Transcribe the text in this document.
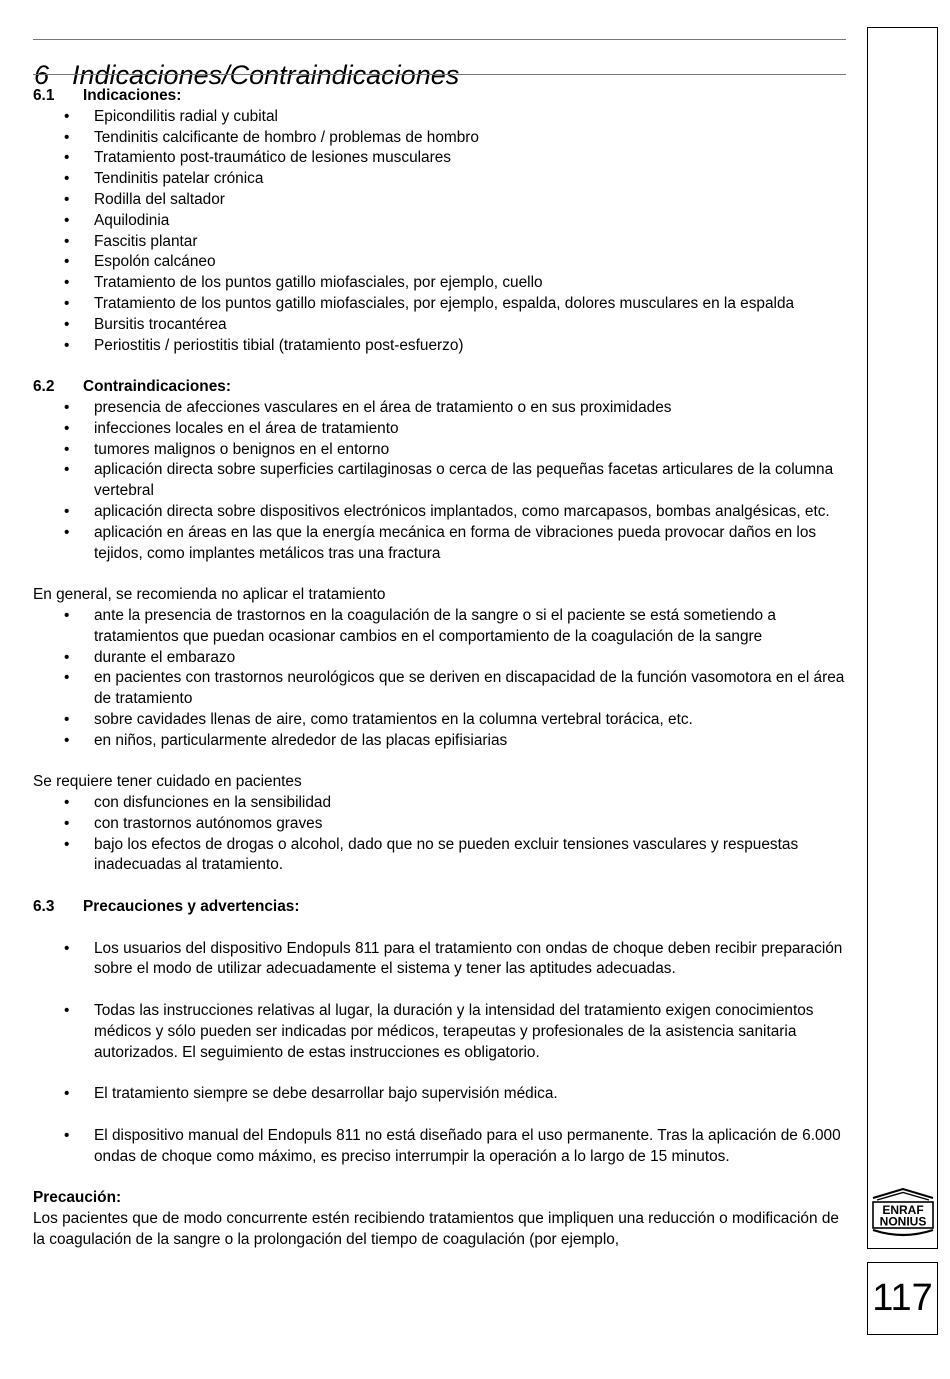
6 Indicaciones/Contraindicaciones

6.1 Indicaciones:

• Epicondilitis radial y cubital
• Tendinitis calcificante de hombro / problemas de hombro
• Tratamiento post-traumático de lesiones musculares
• Tendinitis patelar crónica
• Rodilla del saltador
• Aquilodinia
• Fascitis plantar
• Espolón calcáneo
• Tratamiento de los puntos gatillo miofasciales, por ejemplo, cuello
• Tratamiento de los puntos gatillo miofasciales, por ejemplo, espalda, dolores musculares en la espalda
• Bursitis trocantérea
• Periostitis / periostitis tibial (tratamiento post-esfuerzo)

6.2 Contraindicaciones:

• presencia de afecciones vasculares en el área de tratamiento o en sus proximidades
• infecciones locales en el área de tratamiento
• tumores malignos o benignos en el entorno
• aplicación directa sobre superficies cartilaginosas o cerca de las pequeñas facetas articulares de la columna vertebral
• aplicación directa sobre dispositivos electrónicos implantados, como marcapasos, bombas analgésicas, etc.
• aplicación en áreas en las que la energía mecánica en forma de vibraciones pueda provocar daños en los tejidos, como implantes metálicos tras una fractura

En general, se recomienda no aplicar el tratamiento

• ante la presencia de trastornos en la coagulación de la sangre o si el paciente se está sometiendo a tratamientos que puedan ocasionar cambios en el comportamiento de la coagulación de la sangre
• durante el embarazo
• en pacientes con trastornos neurológicos que se deriven en discapacidad de la función vasomotora en el área de tratamiento
• sobre cavidades llenas de aire, como tratamientos en la columna vertebral torácica, etc.
• en niños, particularmente alrededor de las placas epifisiarias

Se requiere tener cuidado en pacientes

• con disfunciones en la sensibilidad
• con trastornos autónomos graves
• bajo los efectos de drogas o alcohol, dado que no se pueden excluir tensiones vasculares y respuestas inadecuadas al tratamiento.

6.3 Precauciones y advertencias:

• Los usuarios del dispositivo Endopuls 811 para el tratamiento con ondas de choque deben recibir preparación sobre el modo de utilizar adecuadamente el sistema y tener las aptitudes adecuadas.
• Todas las instrucciones relativas al lugar, la duración y la intensidad del tratamiento exigen conocimientos médicos y sólo pueden ser indicadas por médicos, terapeutas y profesionales de la asistencia sanitaria autorizados. El seguimiento de estas instrucciones es obligatorio.
• El tratamiento siempre se debe desarrollar bajo supervisión médica.
• El dispositivo manual del Endopuls 811 no está diseñado para el uso permanente. Tras la aplicación de 6.000 ondas de choque como máximo, es preciso interrumpir la operación a lo largo de 15 minutos.

Precaución:

Los pacientes que de modo concurrente estén recibiendo tratamientos que impliquen una reducción o modificación de la coagulación de la sangre o la prolongación del tiempo de coagulación (por ejemplo,

ENRAF
NONIUS
117
